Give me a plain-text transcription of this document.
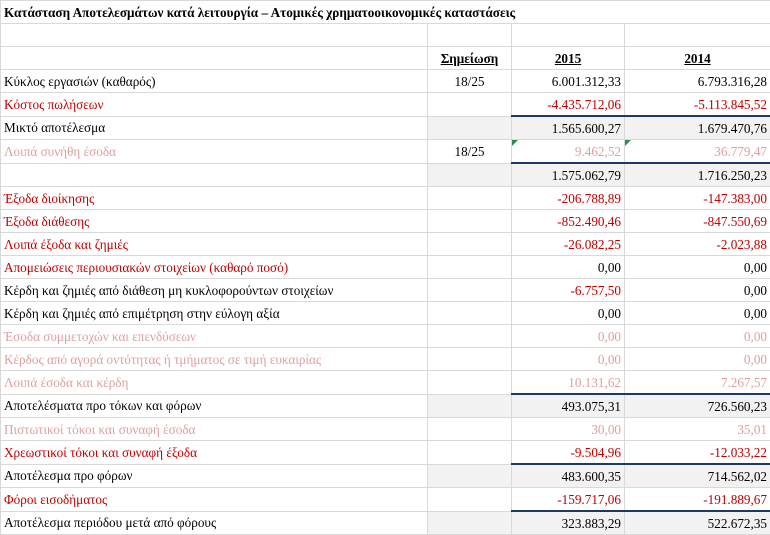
Κατάσταση Αποτελεσμάτων κατά λειτουργία – Ατομικές χρηματοοικονομικές καταστάσεις			

	Σημείωση	2015	2014
Κύκλος εργασιών (καθαρός)	18/25	6.001.312,33	6.793.316,28
Κόστος πωλήσεων		-4.435.712,06	-5.113.845,52
Μικτό αποτέλεσμα		1.565.600,27	1.679.470,76
Λοιπά συνήθη έσοδα	18/25	9.462,52	36.779,47
		1.575.062,79	1.716.250,23
Έξοδα διοίκησης		-206.788,89	-147.383,00
Έξοδα διάθεσης		-852.490,46	-847.550,69
Λοιπά έξοδα και ζημιές		-26.082,25	-2.023,88
Απομειώσεις περιουσιακών στοιχείων (καθαρό ποσό)		0,00	0,00
Κέρδη και ζημιές από διάθεση μη κυκλοφορούντων στοιχείων		-6.757,50	0,00
Κέρδη και ζημιές από επιμέτρηση στην εύλογη αξία		0,00	0,00
Έσοδα συμμετοχών και επενδύσεων		0,00	0,00
Κέρδος από αγορά οντότητας ή τμήματος σε τιμή ευκαιρίας		0,00	0,00
Λοιπά έσοδα και κέρδη		10.131,62	7.267,57
Αποτελέσματα προ τόκων και φόρων		493.075,31	726.560,23
Πιστωτικοί τόκοι και συναφή έσοδα		30,00	35,01
Χρεωστικοί τόκοι και συναφή έξοδα		-9.504,96	-12.033,22
Αποτέλεσμα προ φόρων		483.600,35	714.562,02
Φόροι εισοδήματος		-159.717,06	-191.889,67
Αποτέλεσμα περιόδου μετά από φόρους		323.883,29	522.672,35
